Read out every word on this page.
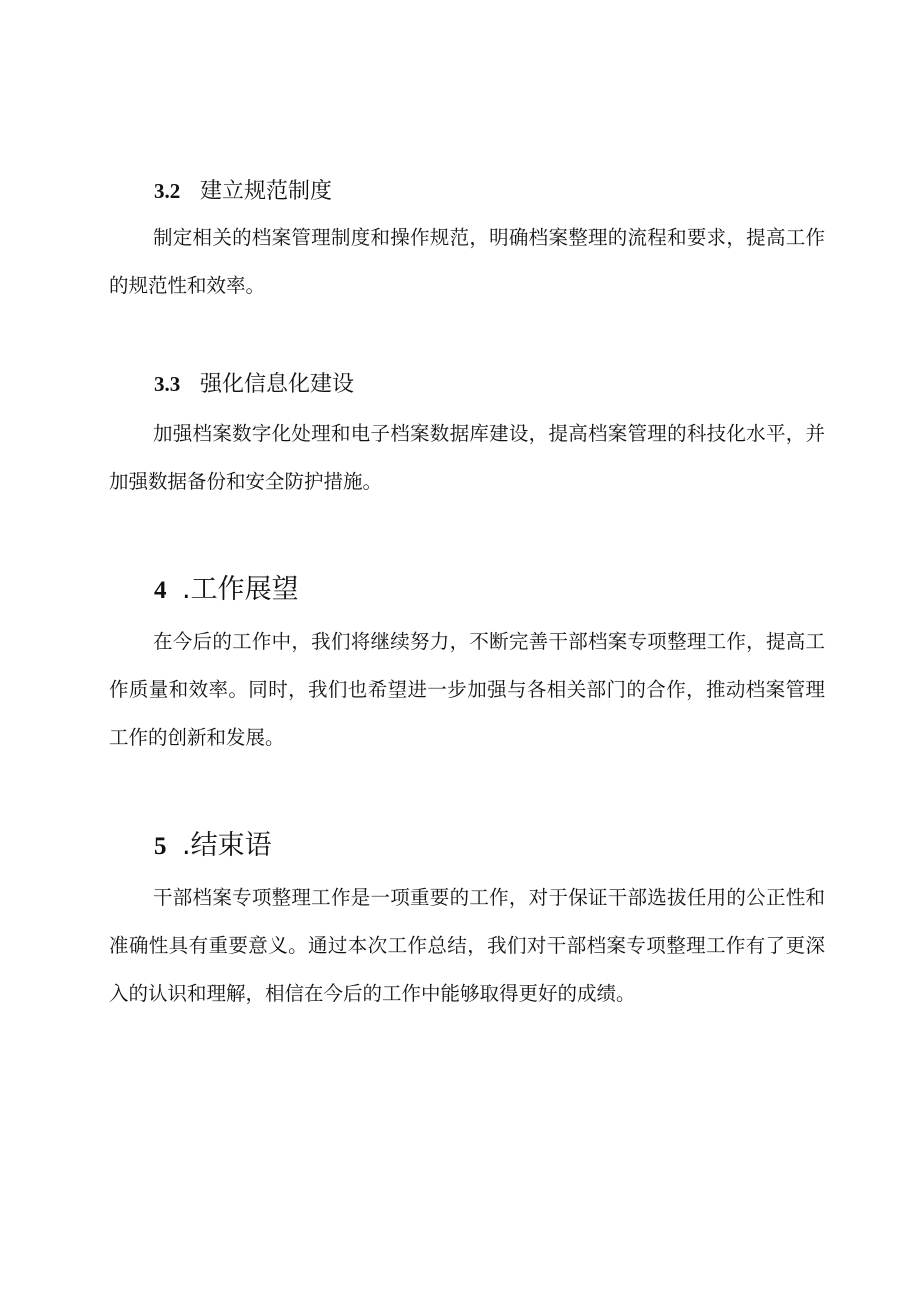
3.2 建立规范制度

制定相关的档案管理制度和操作规范，明确档案整理的流程和要求，提高工作的规范性和效率。

3.3 强化信息化建设

加强档案数字化处理和电子档案数据库建设，提高档案管理的科技化水平，并加强数据备份和安全防护措施。

4 .工作展望

在今后的工作中，我们将继续努力，不断完善干部档案专项整理工作，提高工作质量和效率。同时，我们也希望进一步加强与各相关部门的合作，推动档案管理工作的创新和发展。

5 .结束语

干部档案专项整理工作是一项重要的工作，对于保证干部选拔任用的公正性和准确性具有重要意义。通过本次工作总结，我们对干部档案专项整理工作有了更深入的认识和理解，相信在今后的工作中能够取得更好的成绩。
